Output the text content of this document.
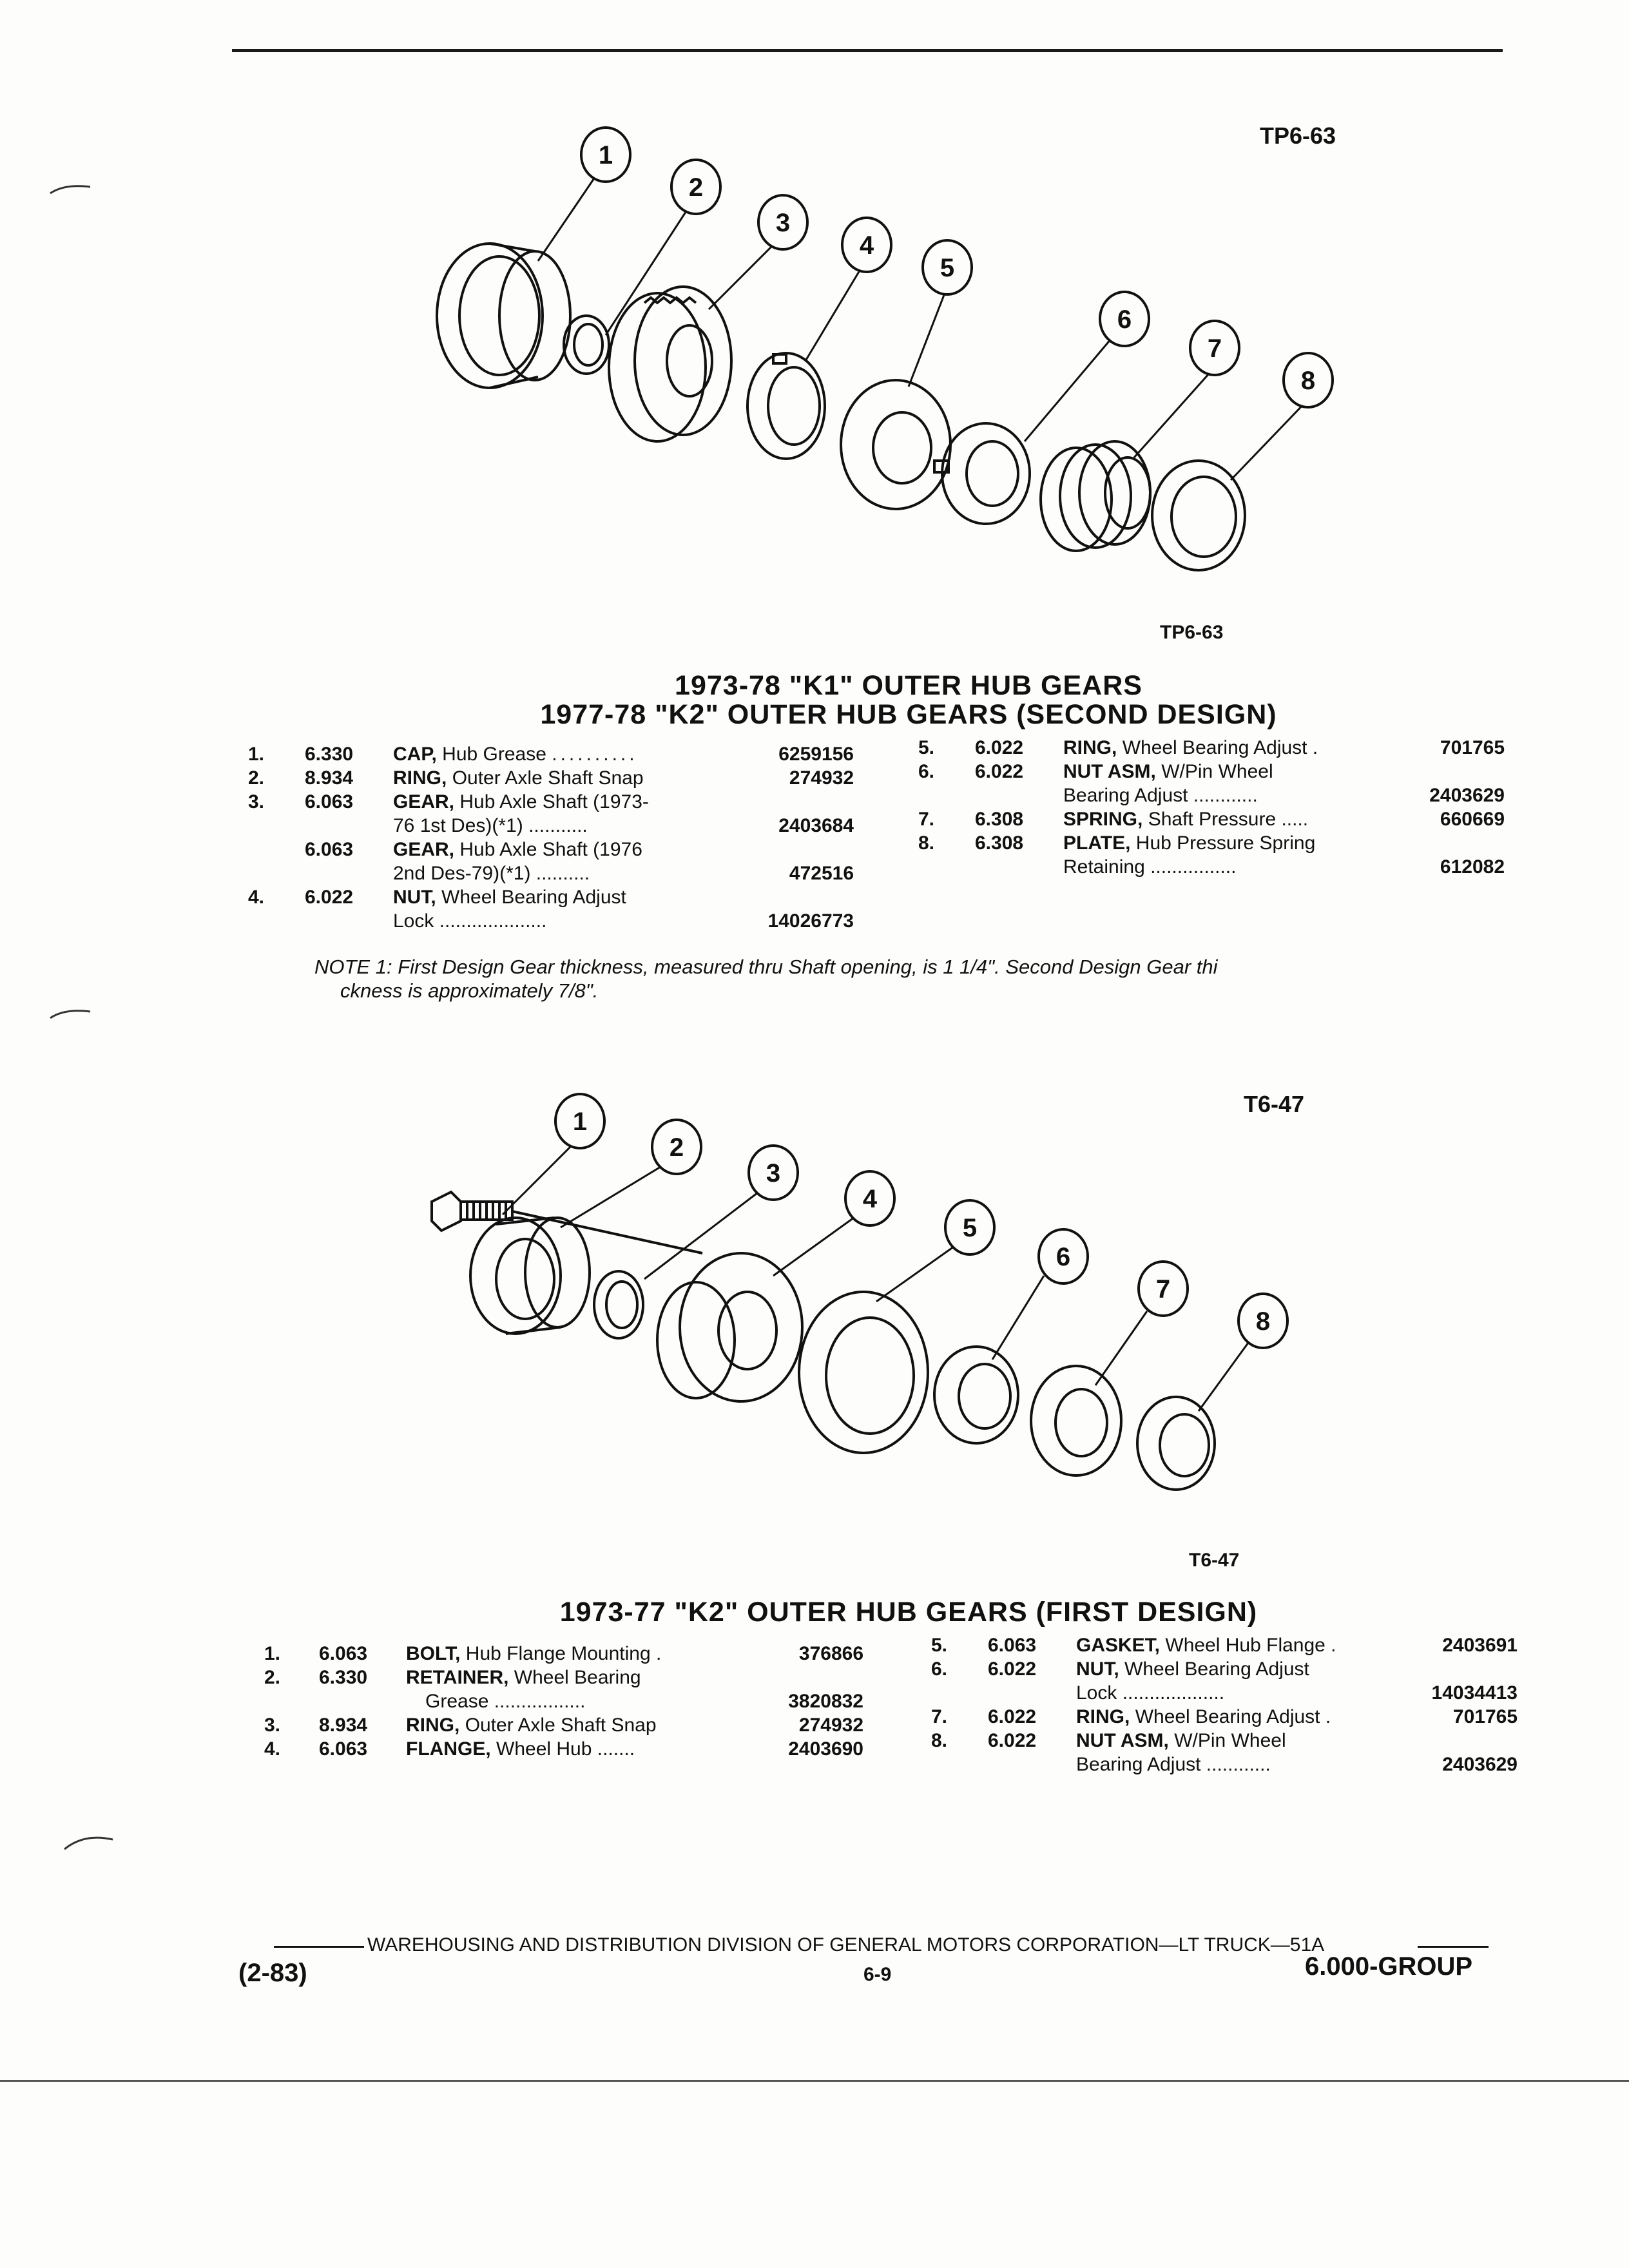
TP6-63
1
2
3
4
5
6
7
8
TP6-63
1973-78 "K1" OUTER HUB GEARS
1977-78 "K2" OUTER HUB GEARS (SECOND DESIGN)
1. 6.330 CAP, Hub Grease ..........	6259156
2. 8.934 RING, Outer Axle Shaft Snap	274932
3. 6.063 GEAR, Hub Axle Shaft (1973-
76 1st Des)(*1) ...........	2403684
6.063 GEAR, Hub Axle Shaft (1976
2nd Des-79)(*1) ..........	472516
4. 6.022 NUT, Wheel Bearing Adjust
Lock ....................	14026773
5. 6.022 RING, Wheel Bearing Adjust .	701765
6. 6.022 NUT ASM, W/Pin Wheel
Bearing Adjust ............	2403629
7. 6.308 SPRING, Shaft Pressure .....	660669
8. 6.308 PLATE, Hub Pressure Spring
Retaining ................	612082
NOTE 1: First Design Gear thickness, measured thru Shaft opening, is 1 1/4". Second Design Gear thi
ckness is approximately 7/8".
T6-47
1
2
3
4
5
6
7
8
T6-47
1973-77 "K2" OUTER HUB GEARS (FIRST DESIGN)
1. 6.063 BOLT, Hub Flange Mounting .	376866
2. 6.330 RETAINER, Wheel Bearing
Grease .................	3820832
3. 8.934 RING, Outer Axle Shaft Snap	274932
4. 6.063 FLANGE, Wheel Hub .......	2403690
5. 6.063 GASKET, Wheel Hub Flange .	2403691
6. 6.022 NUT, Wheel Bearing Adjust
Lock ...................	14034413
7. 6.022 RING, Wheel Bearing Adjust .	701765
8. 6.022 NUT ASM, W/Pin Wheel
Bearing Adjust ............	2403629
WAREHOUSING AND DISTRIBUTION DIVISION OF GENERAL MOTORS CORPORATION—LT TRUCK—51A
(2-83)	6-9	6.000-GROUP
